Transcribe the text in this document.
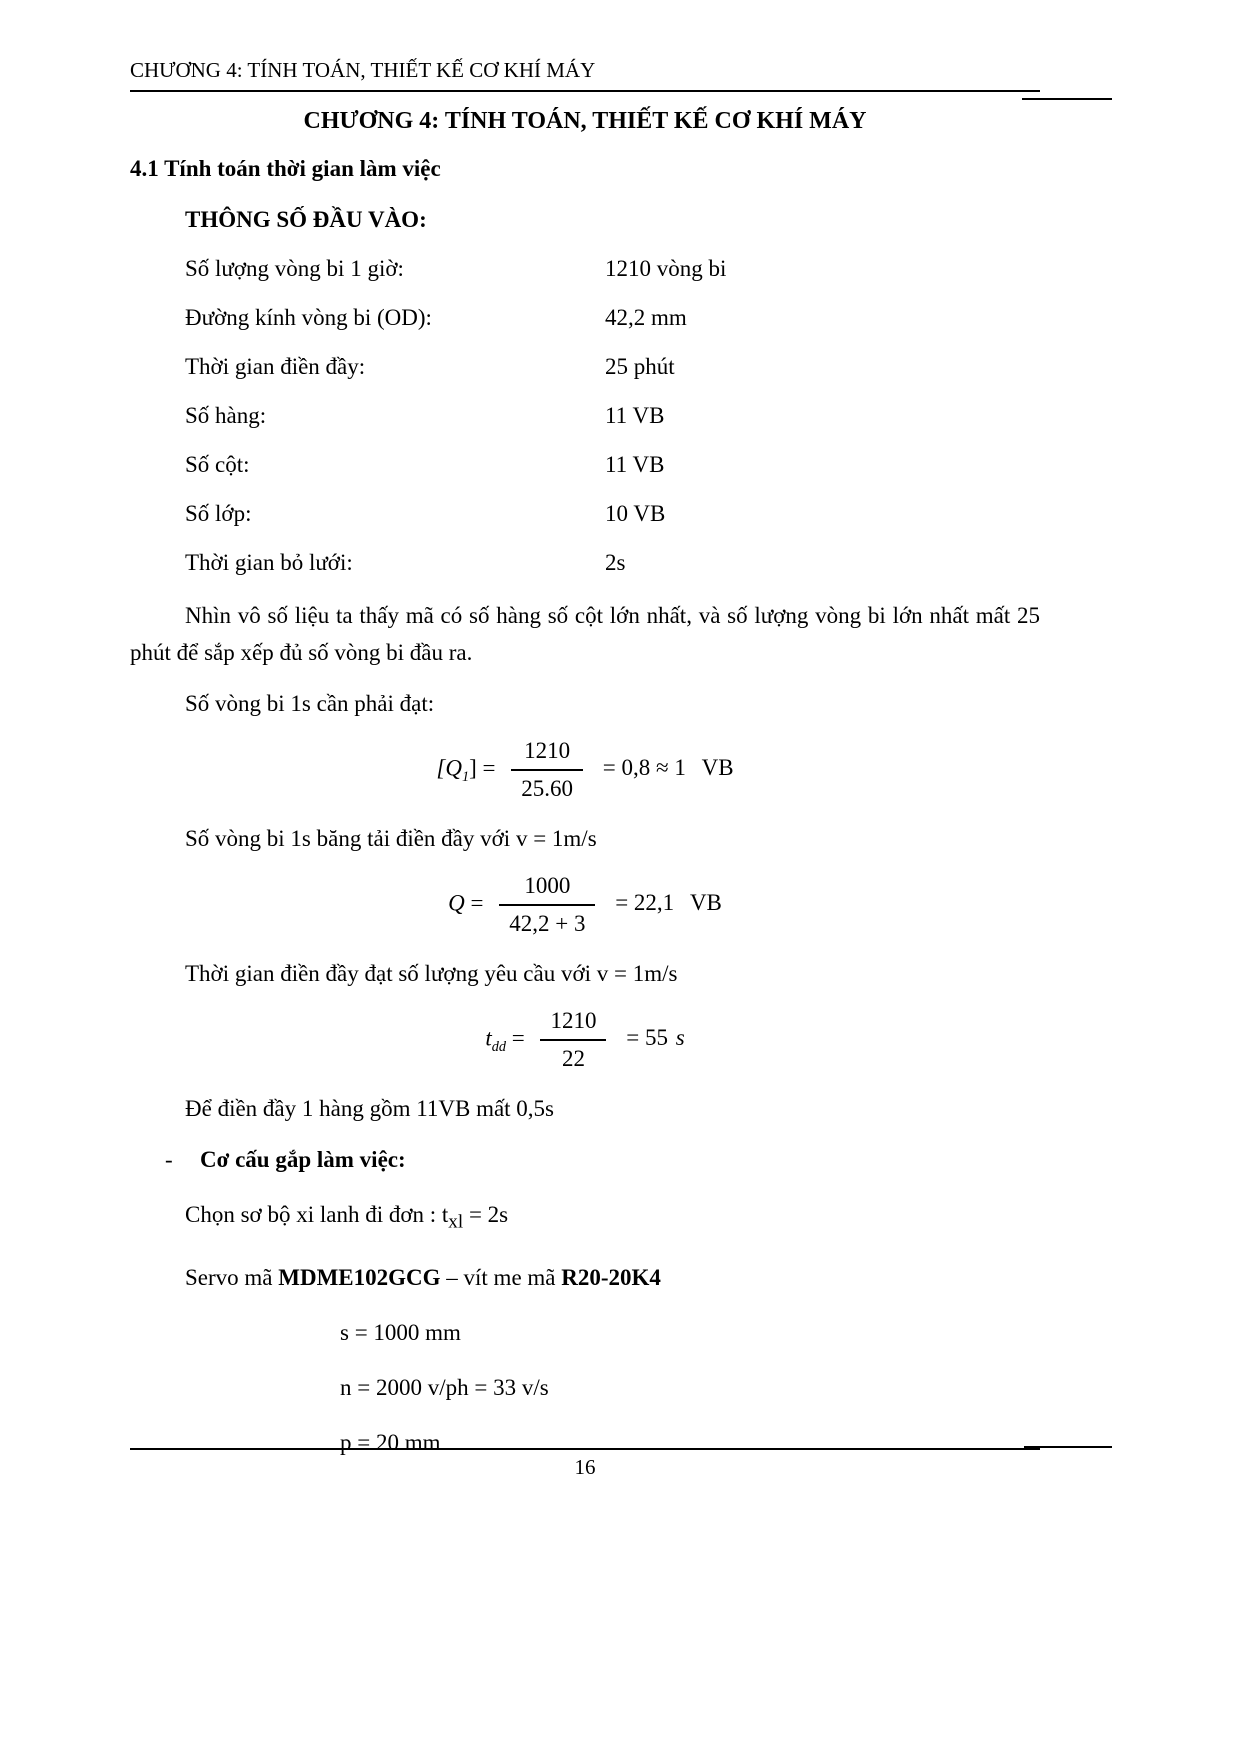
CHƯƠNG 4: TÍNH TOÁN, THIẾT KẾ CƠ KHÍ MÁY
CHƯƠNG 4: TÍNH TOÁN, THIẾT KẾ CƠ KHÍ MÁY
4.1 Tính toán thời gian làm việc
THÔNG SỐ ĐẦU VÀO:
Số lượng vòng bi 1 giờ:	1210 vòng bi
Đường kính vòng bi (OD):	42,2 mm
Thời gian điền đầy:	25 phút
Số hàng:	11 VB
Số cột:	11 VB
Số lớp:	10 VB
Thời gian bỏ lưới:	2s

Nhìn vô số liệu ta thấy mã có số hàng số cột lớn nhất, và số lượng vòng bi lớn nhất mất 25 phút để sắp xếp đủ số vòng bi đầu ra.

Số vòng bi 1s cần phải đạt:

$[Q_1] = \frac{1210}{25.60} = 0,8 \approx 1$ VB

Số vòng bi 1s băng tải điền đầy với v = 1m/s

$Q = \frac{1000}{42,2 + 3} = 22,1$ VB

Thời gian điền đầy đạt số lượng yêu cầu với v = 1m/s

$t_{dd} = \frac{1210}{22} = 55$ s

Để điền đầy 1 hàng gồm 11VB mất 0,5s

-	Cơ cấu gắp làm việc:
Chọn sơ bộ xi lanh đi đơn : $t_{xl} = 2s$
Servo mã MDME102GCG – vít me mã R20-20K4
s = 1000 mm
n = 2000 v/ph = 33 v/s
p = 20 mm
16
